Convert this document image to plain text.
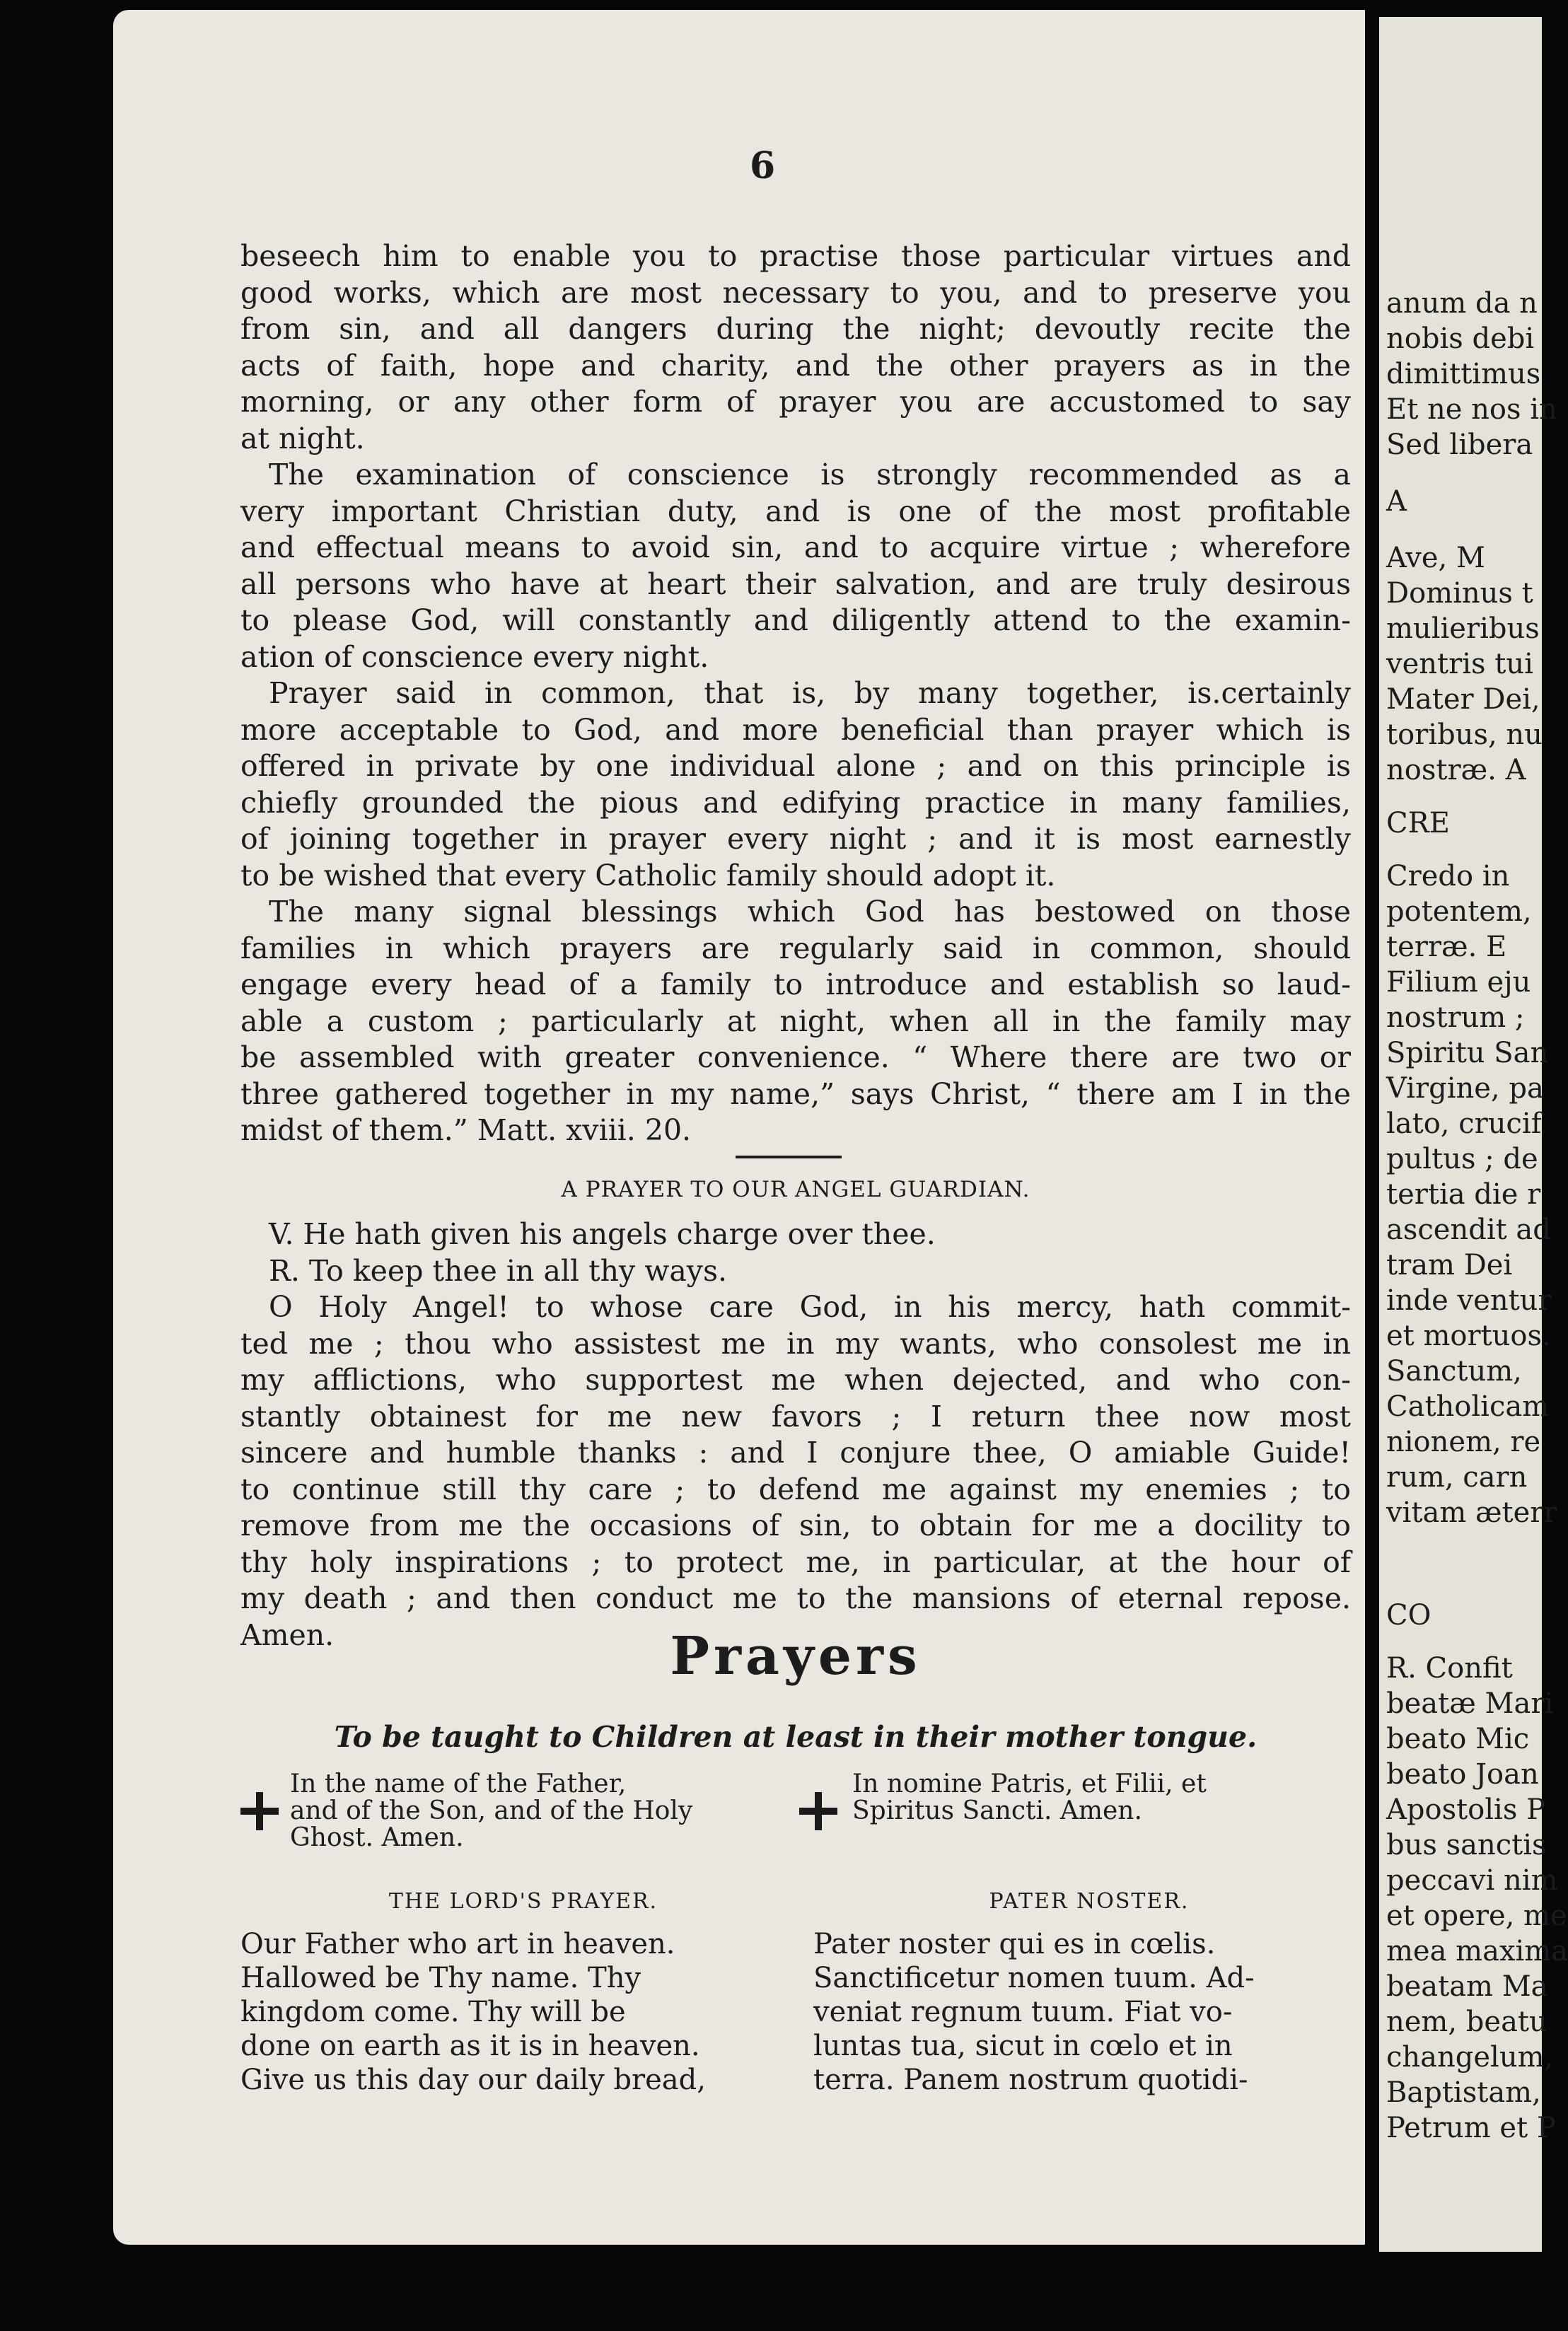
6

beseech him to enable you to practise those particular virtues and

good works, which are most necessary to you, and to preserve you

from sin, and all dangers during the night; devoutly recite the

acts of faith, hope and charity, and the other prayers as in the

morning, or any other form of prayer you are accustomed to say

at night.

The examination of conscience is strongly recommended as a

very important Christian duty, and is one of the most profitable

and effectual means to avoid sin, and to acquire virtue ; wherefore

all persons who have at heart their salvation, and are truly desirous

to please God, will constantly and diligently attend to the examin-

ation of conscience every night.

Prayer said in common, that is, by many together, is.certainly

more acceptable to God, and more beneficial than prayer which is

offered in private by one individual alone ; and on this principle is

chiefly grounded the pious and edifying practice in many families,

of joining together in prayer every night ; and it is most earnestly

to be wished that every Catholic family should adopt it.

The many signal blessings which God has bestowed on those

families in which prayers are regularly said in common, should

engage every head of a family to introduce and establish so laud-

able a custom ; particularly at night, when all in the family may

be assembled with greater convenience. “ Where there are two or

three gathered together in my name,” says Christ, “ there am I in the

midst of them.” Matt. xviii. 20.

A PRAYER TO OUR ANGEL GUARDIAN.

V. He hath given his angels charge over thee.

R. To keep thee in all thy ways.

O Holy Angel! to whose care God, in his mercy, hath commit-

ted me ; thou who assistest me in my wants, who consolest me in

my afflictions, who supportest me when dejected, and who con-

stantly obtainest for me new favors ; I return thee now most

sincere and humble thanks : and I conjure thee, O amiable Guide!

to continue still thy care ; to defend me against my enemies ; to

remove from me the occasions of sin, to obtain for me a docility to

thy holy inspirations ; to protect me, in particular, at the hour of

my death ; and then conduct me to the mansions of eternal repose.

Amen.	Prayers

To be taught to Children at least in their mother tongue.

In the name of the Father,

and of the Son, and of the Holy

Ghost. Amen.

In nomine Patris, et Filii, et

Spiritus Sancti. Amen.

THE LORD'S PRAYER.	PATER NOSTER.

Our Father who art in heaven.

Hallowed be Thy name. Thy

kingdom come. Thy will be

done on earth as it is in heaven.

Give us this day our daily bread,

Pater noster qui es in cœlis.

Sanctificetur nomen tuum. Ad-

veniat regnum tuum. Fiat vo-

luntas tua, sicut in cœlo et in

terra. Panem nostrum quotidi-

anum da n

nobis debi

dimittimus

Et ne nos in

Sed libera

A

Ave, M

Dominus t

mulieribus

ventris tui

Mater Dei,

toribus, nu

nostræ. A

CRE

Credo in

potentem,

terræ. E

Filium eju

nostrum ;

Spiritu San

Virgine, pa

lato, crucif

pultus ; de

tertia die r

ascendit ad

tram Dei

inde ventur

et mortuos.

Sanctum,

Catholicam

nionem, re

rum, carn

vitam æterr

CO

R. Confit

beatæ Mari

beato Mic

beato Joan

Apostolis P

bus sanctis

peccavi nim

et opere, me

mea maxima

beatam Ma

nem, beatu

changelum,

Baptistam,

Petrum et P
